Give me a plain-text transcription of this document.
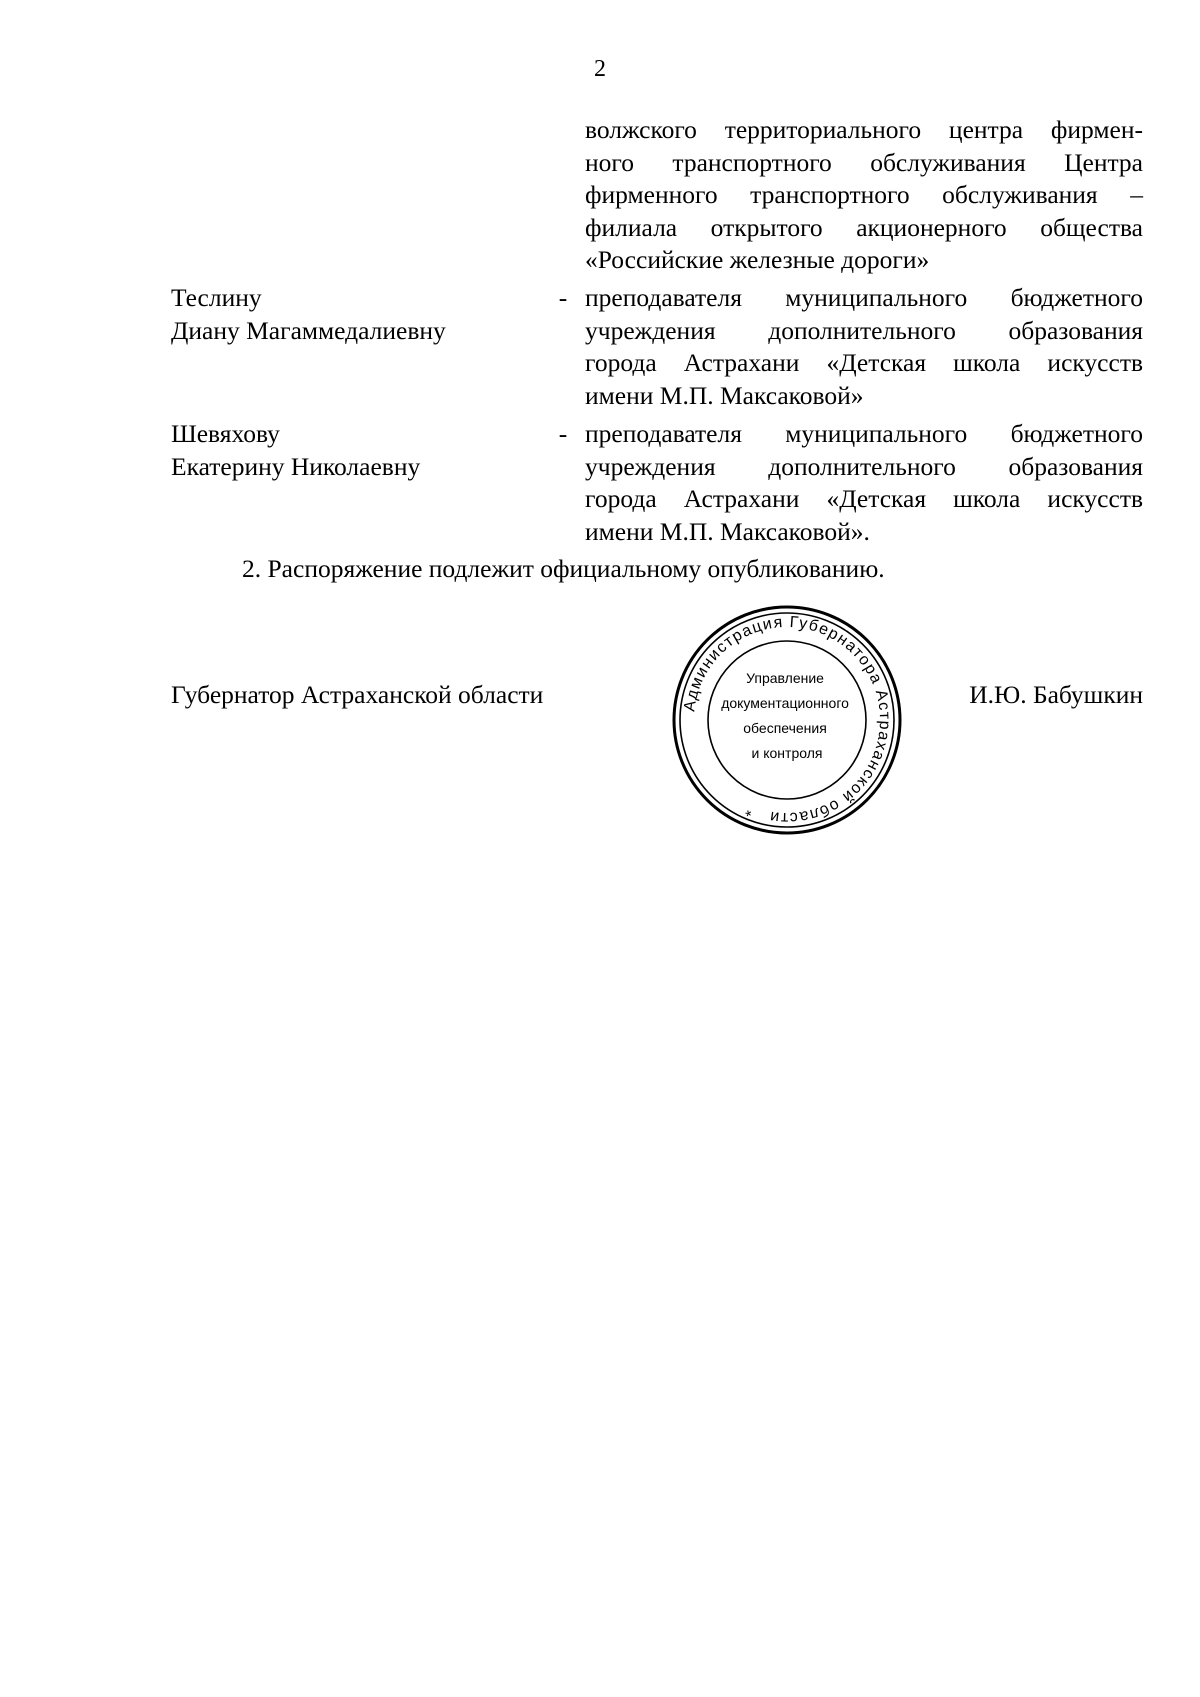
2
волжского территориального центра фирмен-
ного транспортного обслуживания Центра
фирменного транспортного обслуживания –
филиала открытого акционерного общества
«Российские железные дороги»
Теслину
Диану Магаммедалиевну
- преподавателя муниципального бюджетного
учреждения дополнительного образования
города Астрахани «Детская школа искусств
имени М.П. Максаковой»
Шевяхову
Екатерину Николаевну
- преподавателя муниципального бюджетного
учреждения дополнительного образования
города Астрахани «Детская школа искусств
имени М.П. Максаковой».
2. Распоряжение подлежит официальному опубликованию.
Губернатор Астраханской области	Администрация Губернатора Астраханской области *
Управление документационного обеспечения и контроля
И.Ю. Бабушкин
